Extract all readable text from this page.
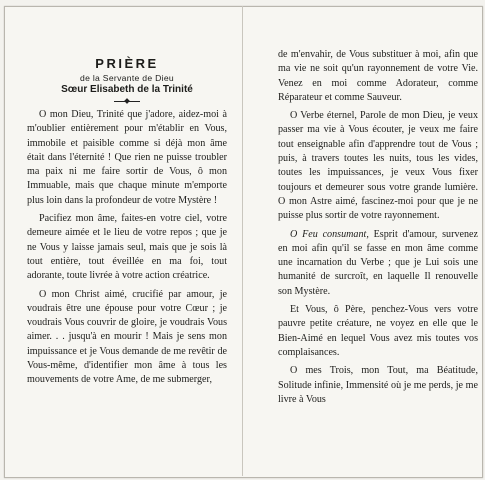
PRIÈRE
de la Servante de Dieu
Sœur Elisabeth de la Trinité

O mon Dieu, Trinité que j'adore, aidez-moi à m'oublier entièrement pour m'établir en Vous, immobile et paisible comme si déjà mon âme était dans l'éternité ! Que rien ne puisse troubler ma paix ni me faire sortir de Vous, ô mon Immuable, mais que chaque minute m'emporte plus loin dans la profondeur de votre Mystère !

Pacifiez mon âme, faites-en votre ciel, votre demeure aimée et le lieu de votre repos ; que je ne Vous y laisse jamais seul, mais que je sois là tout entière, tout éveillée en ma foi, tout adorante, toute livrée à votre action créatrice.

O mon Christ aimé, crucifié par amour, je voudrais être une épouse pour votre Cœur ; je voudrais Vous couvrir de gloire, je voudrais Vous aimer. . . jusqu'à en mourir ! Mais je sens mon impuissance et je Vous demande de me revêtir de Vous-même, d'identifier mon âme à tous les mouvements de votre Ame, de me submerger,

de m'envahir, de Vous substituer à moi, afin que ma vie ne soit qu'un rayonnement de votre Vie. Venez en moi comme Adorateur, comme Réparateur et comme Sauveur.

O Verbe éternel, Parole de mon Dieu, je veux passer ma vie à Vous écouter, je veux me faire tout enseignable afin d'apprendre tout de Vous ; puis, à travers toutes les nuits, tous les vides, toutes les impuissances, je veux Vous fixer toujours et demeurer sous votre grande lumière. O mon Astre aimé, fascinez-moi pour que je ne puisse plus sortir de votre rayonnement.

O Feu consumant, Esprit d'amour, survenez en moi afin qu'il se fasse en mon âme comme une incarnation du Verbe ; que je Lui sois une humanité de surcroît, en laquelle Il renouvelle son Mystère.

Et Vous, ô Père, penchez-Vous vers votre pauvre petite créature, ne voyez en elle que le Bien-Aimé en lequel Vous avez mis toutes vos complaisances.

O mes Trois, mon Tout, ma Béatitude, Solitude infinie, Immensité où je me perds, je me livre à Vous
